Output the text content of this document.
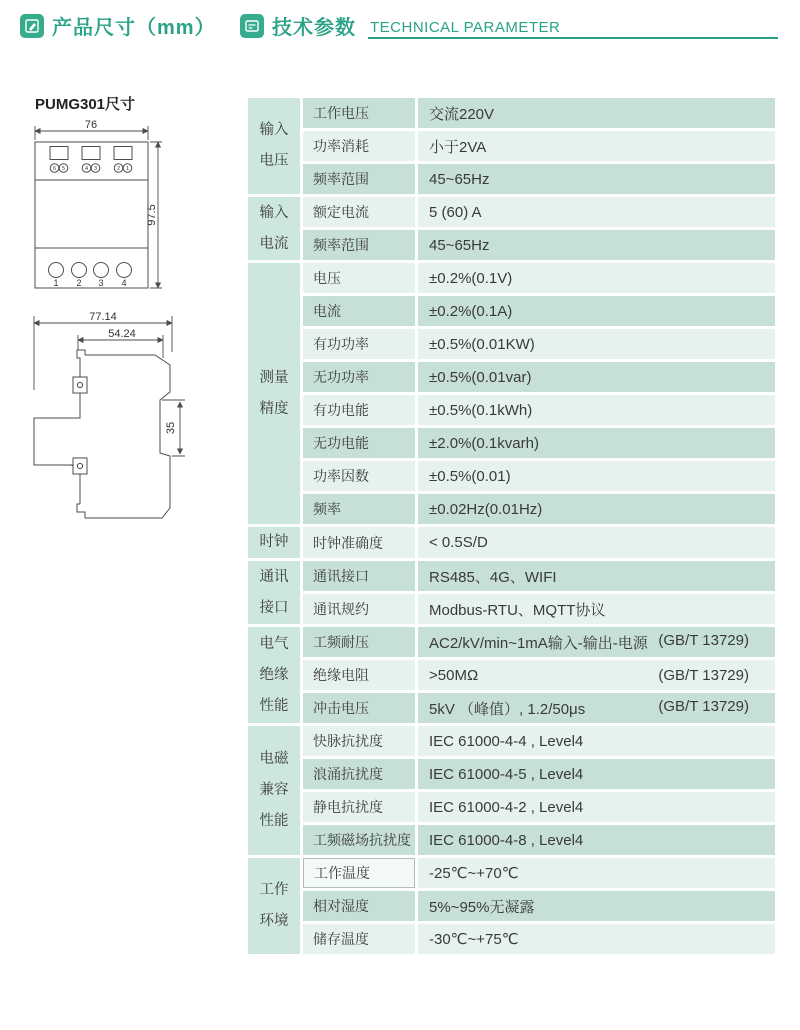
产品尺寸（mm）	技术参数 TECHNICAL PARAMETER
PUMG301尺寸
76
6 5	4 3	2 1
1 2 3 4
97.5
77.14
54.24
35
输入
电压	工作电压	交流220V
	功率消耗	小于2VA
	频率范围	45~65Hz

输入
电流	额定电流	5 (60) A
	频率范围	45~65Hz

测量
精度	电压	±0.2%(0.1V)
	电流	±0.2%(0.1A)
	有功功率	±0.5%(0.01KW)
	无功功率	±0.5%(0.01var)
	有功电能	±0.5%(0.1kWh)
	无功电能	±2.0%(0.1kvarh)
	功率因数	±0.5%(0.01)
	频率	±0.02Hz(0.01Hz)

时钟	时钟准确度	< 0.5S/D

通讯
接口	通讯接口	RS485、4G、WIFI
	通讯规约	Modbus-RTU、MQTT协议

电气
绝缘
性能
	工频耐压	AC2/kV/min~1mA输入-输出-电源 (GB/T 13729)

	绝缘电阻	>50MΩ (GB/T 13729)

	冲击电压	5kV （峰值）, 1.2/50μs (GB/T 13729)

电磁
兼容
性能	快脉抗扰度	IEC 61000-4-4 , Level4
	浪涌抗扰度	IEC 61000-4-5 , Level4
	静电抗扰度	IEC 61000-4-2 , Level4
	工频磁场抗扰度	IEC 61000-4-8 , Level4

工作
环境	工作温度	-25℃~+70℃
	相对湿度	5%~95%无凝露
	储存温度	-30℃~+75℃
